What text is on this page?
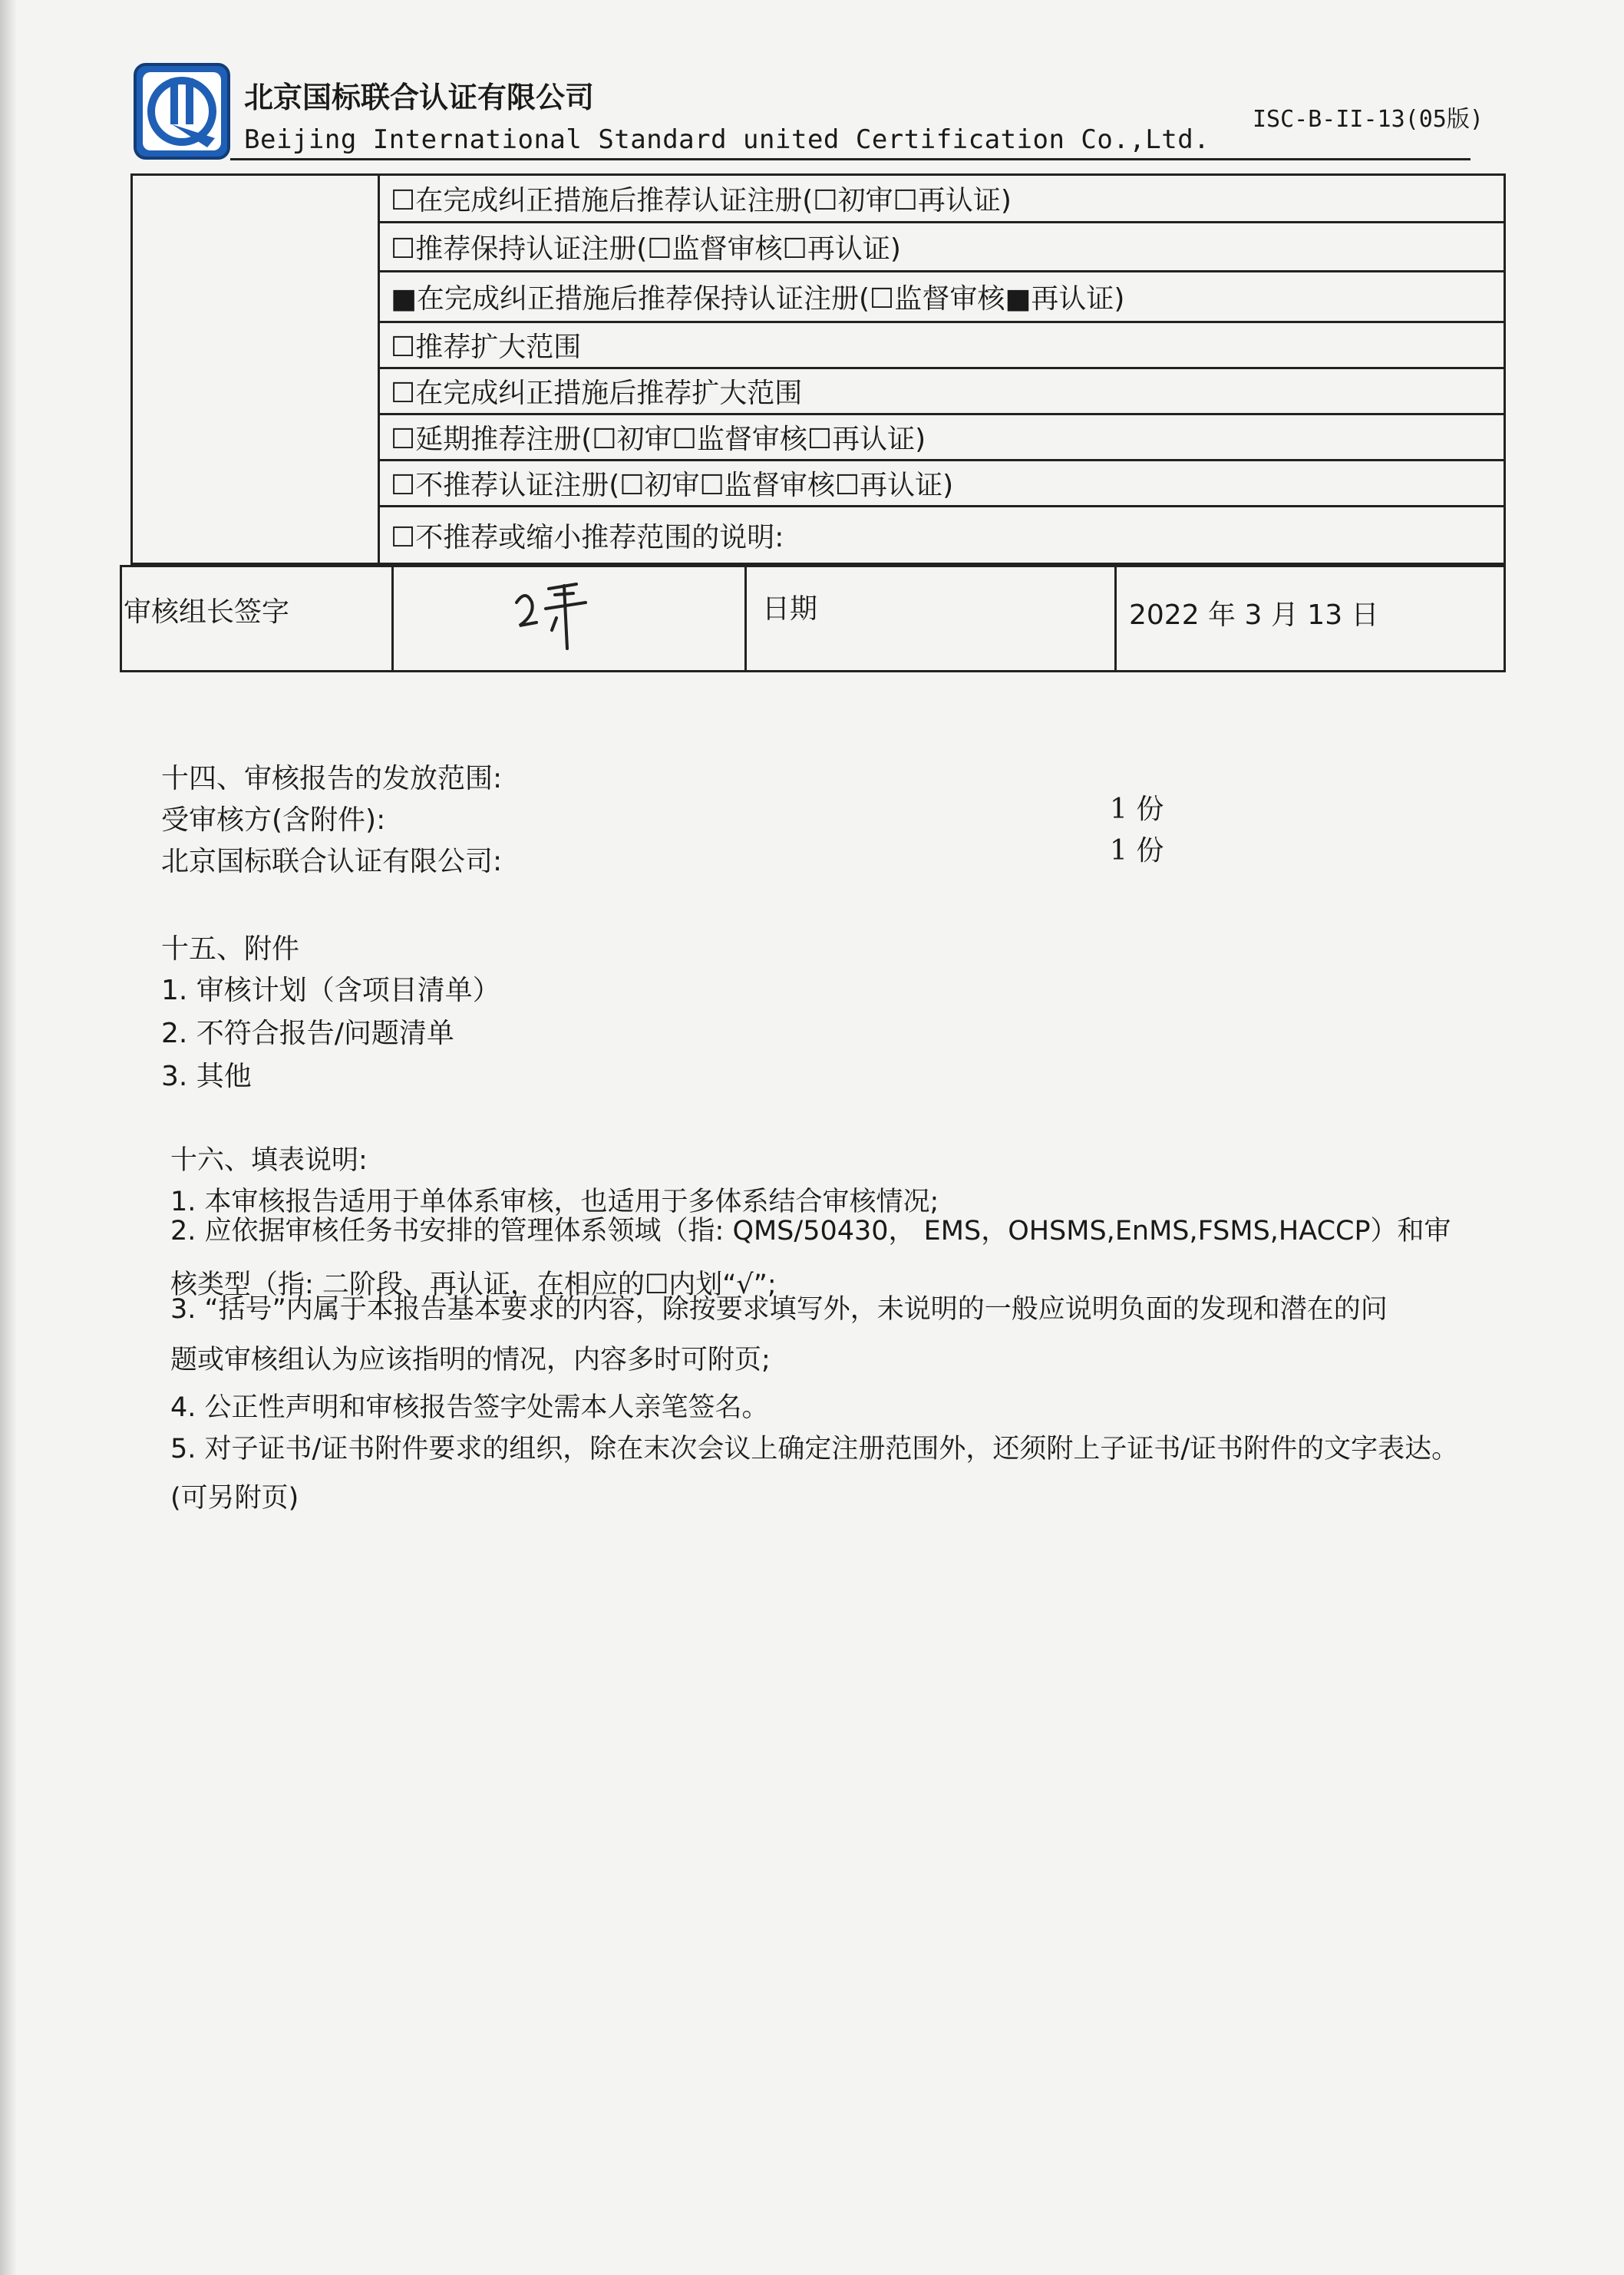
北京国标联合认证有限公司
Beijing International Standard united Certification Co.,Ltd.
ISC-B-II-13(05版)
☐在完成纠正措施后推荐认证注册(☐初审☐再认证)
☐推荐保持认证注册(☐监督审核☐再认证)
■在完成纠正措施后推荐保持认证注册(☐监督审核■再认证)
☐推荐扩大范围
☐在完成纠正措施后推荐扩大范围
☐延期推荐注册(☐初审☐监督审核☐再认证)
☐不推荐认证注册(☐初审☐监督审核☐再认证)
☐不推荐或缩小推荐范围的说明:
审核组长签字	日期	2022 年 3 月 13 日
十四、审核报告的发放范围:
受审核方(含附件):	1 份
北京国标联合认证有限公司:	1 份
十五、附件
1. 审核计划（含项目清单）
2. 不符合报告/问题清单
3. 其他
十六、填表说明:
1. 本审核报告适用于单体系审核，也适用于多体系结合审核情况;
2. 应依据审核任务书安排的管理体系领域（指: QMS/50430， EMS，OHSMS,EnMS,FSMS,HACCP）和审
核类型（指: 二阶段、再认证，在相应的☐内划“√”;
3. “括号”内属于本报告基本要求的内容，除按要求填写外，未说明的一般应说明负面的发现和潜在的问
题或审核组认为应该指明的情况，内容多时可附页;
4. 公正性声明和审核报告签字处需本人亲笔签名。
5. 对子证书/证书附件要求的组织，除在末次会议上确定注册范围外，还须附上子证书/证书附件的文字表达。
(可另附页)
